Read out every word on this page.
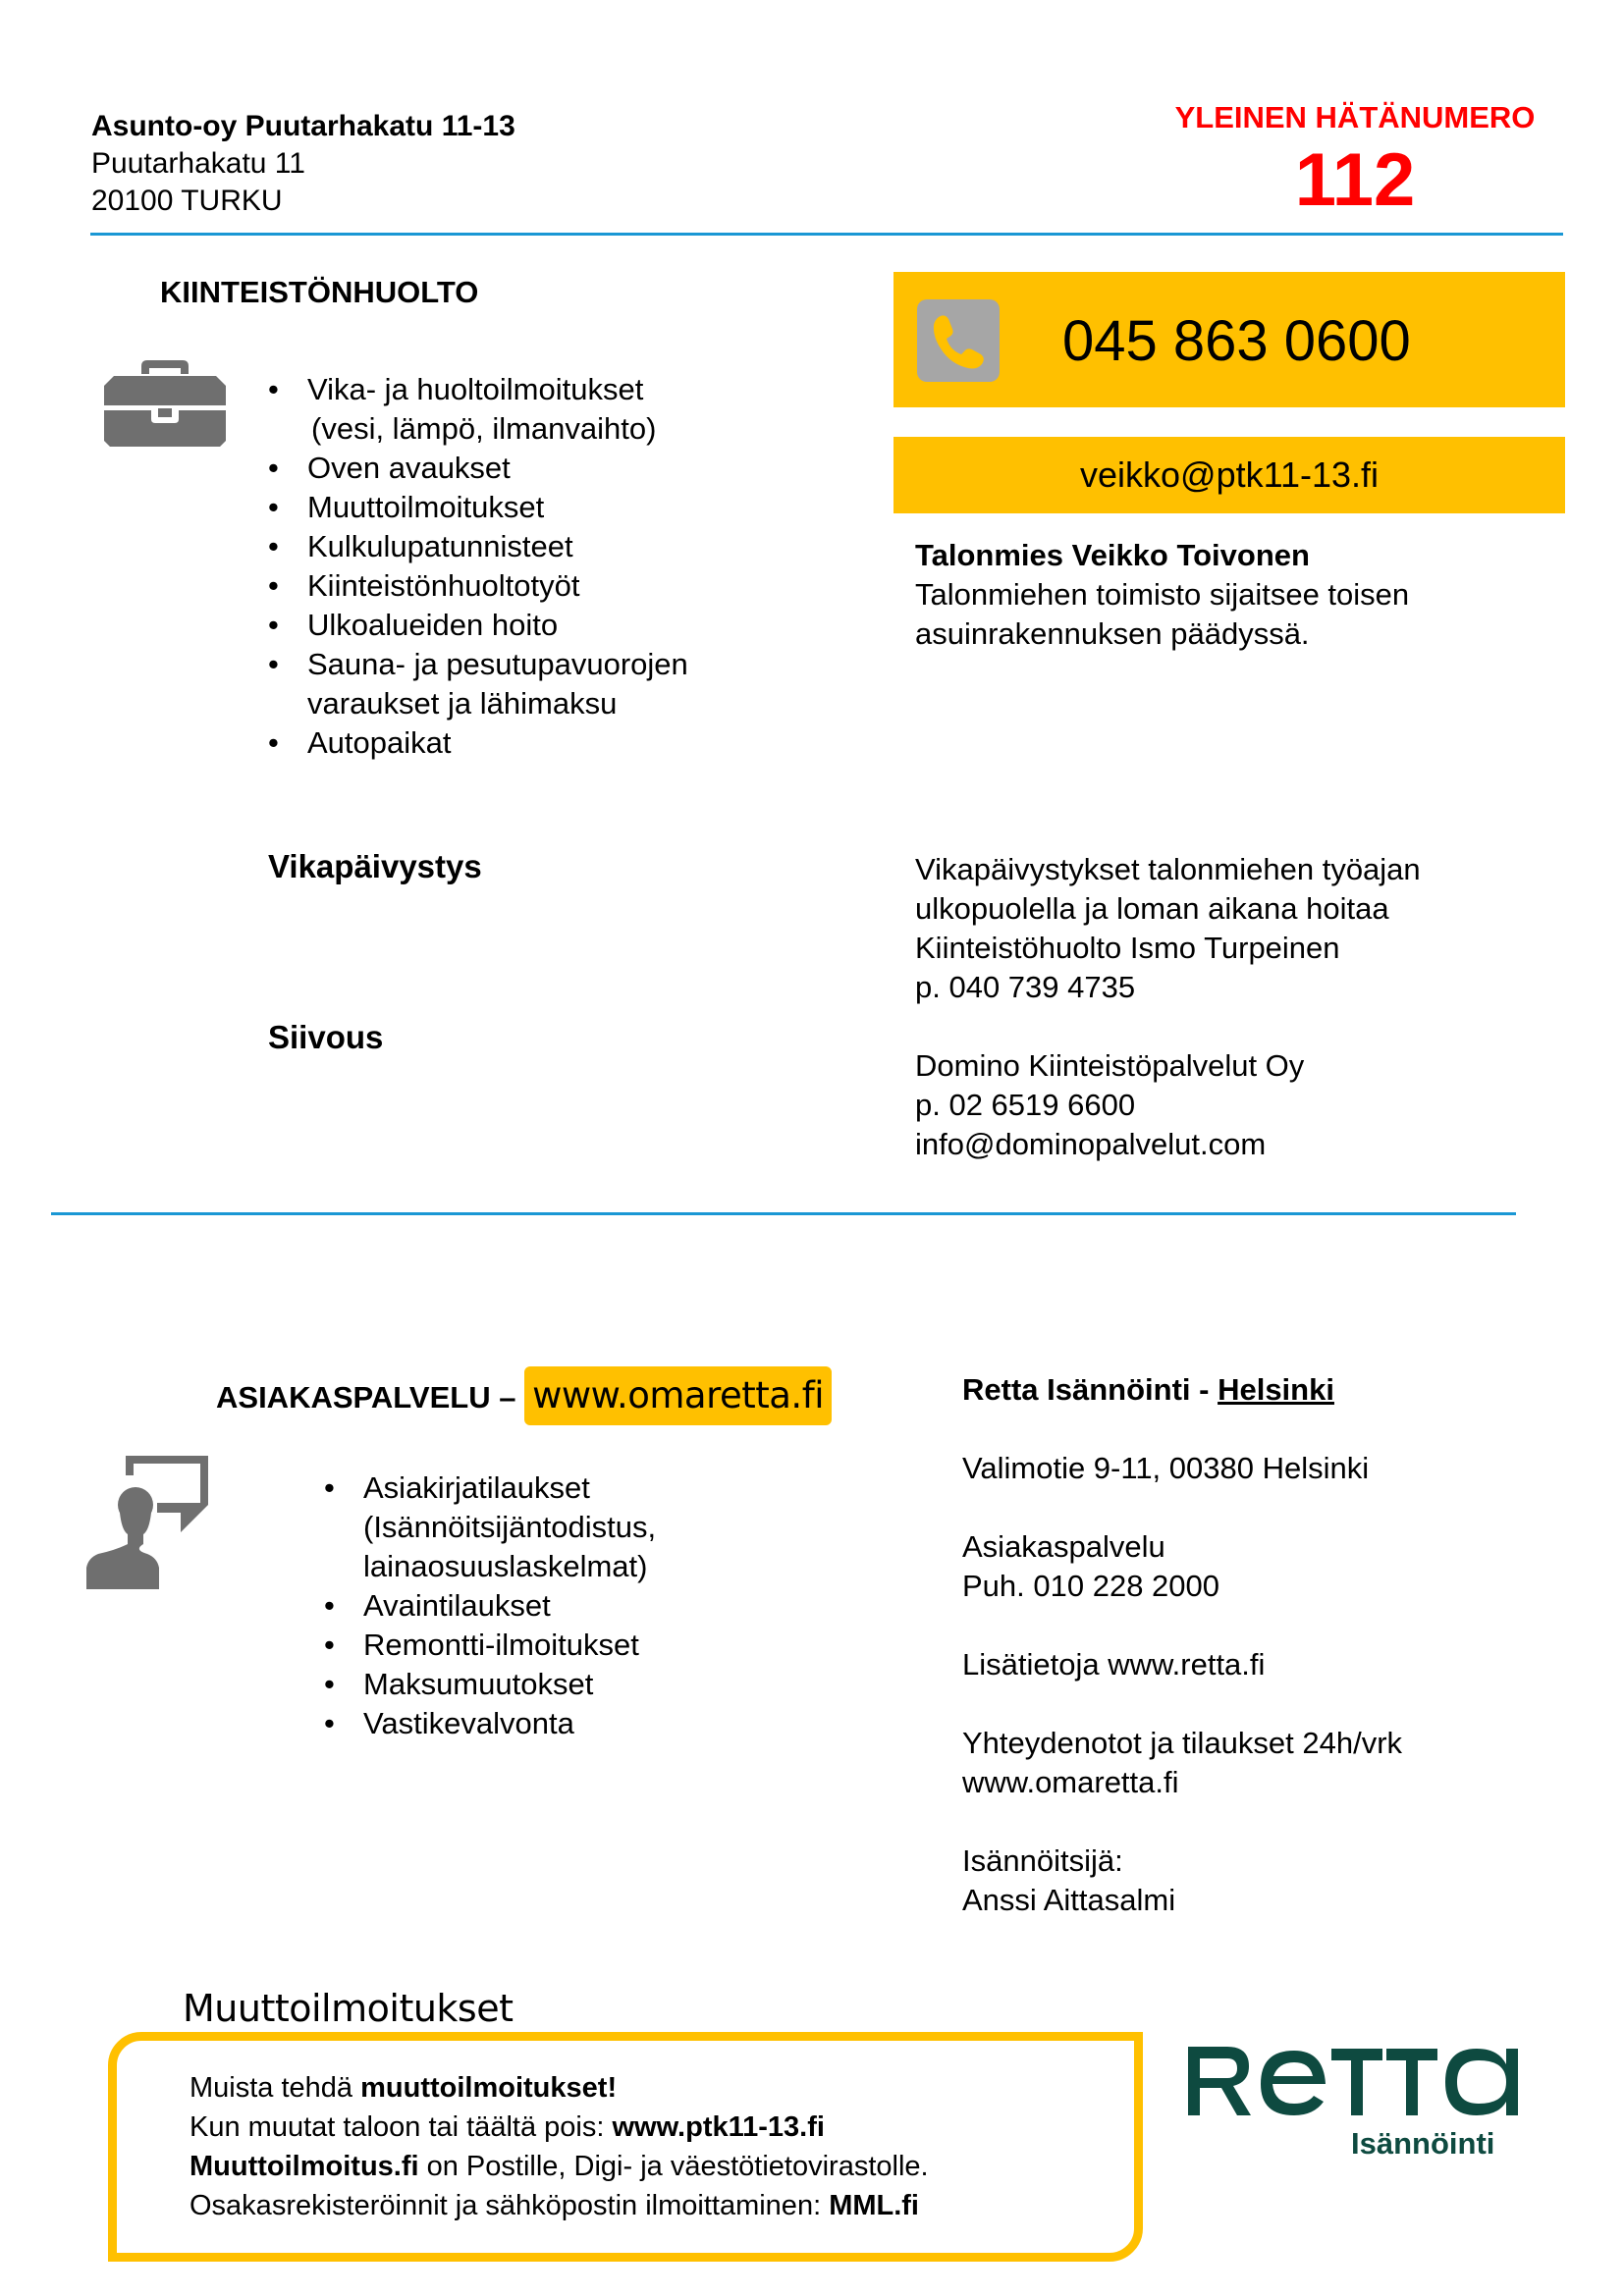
Asunto-oy Puutarhakatu 11-13
Puutarhakatu 11
20100 TURKU
YLEINEN HÄTÄNUMERO
112
KIINTEISTÖNHUOLTO
• Vika- ja huoltoilmoitukset
(vesi, lämpö, ilmanvaihto)
• Oven avaukset
• Muuttoilmoitukset
• Kulkulupatunnisteet
• Kiinteistönhuoltotyöt
• Ulkoalueiden hoito
• Sauna- ja pesutupavuorojen
varaukset ja lähimaksu
• Autopaikat
045 863 0600
veikko@ptk11-13.fi
Talonmies Veikko Toivonen
Talonmiehen toimisto sijaitsee toisen
asuinrakennuksen päädyssä.
Vikapäivystys
Siivous
Vikapäivystykset talonmiehen työajan
ulkopuolella ja loman aikana hoitaa
Kiinteistöhuolto Ismo Turpeinen
p. 040 739 4735
Domino Kiinteistöpalvelut Oy
p. 02 6519 6600
info@dominopalvelut.com
ASIAKASPALVELU – www.omaretta.fi
• Asiakirjatilaukset
(Isännöitsijäntodistus,
lainaosuuslaskelmat)
• Avaintilaukset
• Remontti-ilmoitukset
• Maksumuutokset
• Vastikevalvonta
Retta Isännöinti - Helsinki
Valimotie 9-11, 00380 Helsinki
Asiakaspalvelu
Puh. 010 228 2000
Lisätietoja www.retta.fi
Yhteydenotot ja tilaukset 24h/vrk
www.omaretta.fi
Isännöitsijä:
Anssi Aittasalmi
Muuttoilmoitukset
Muista tehdä muuttoilmoitukset!
Kun muutat taloon tai täältä pois: www.ptk11-13.fi
Muuttoilmoitus.fi on Postille, Digi- ja väestötietovirastolle.
Osakasrekisteröinnit ja sähköpostin ilmoittaminen: MML.fi
Isännöinti
